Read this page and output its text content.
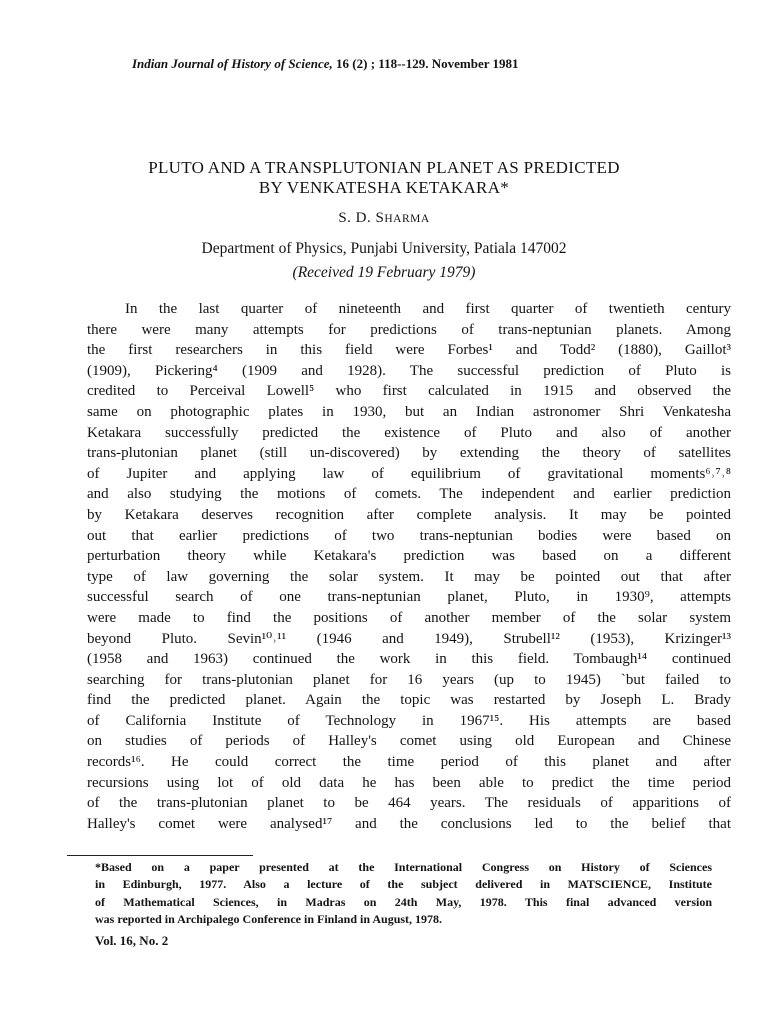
Indian Journal of History of Science, 16 (2) ; 118--129. November 1981
PLUTO AND A TRANSPLUTONIAN PLANET AS PREDICTED
BY VENKATESHA KETAKARA*
S. D. SHARMA
Department of Physics, Punjabi University, Patiala 147002
(Received 19 February 1979)
In the last quarter of nineteenth and first quarter of twentieth century
there were many attempts for predictions of trans-neptunian planets. Among
the first researchers in this field were Forbes¹ and Todd² (1880), Gaillot³
(1909), Pickering⁴ (1909 and 1928). The successful prediction of Pluto is
credited to Perceival Lowell⁵ who first calculated in 1915 and observed the
same on photographic plates in 1930, but an Indian astronomer Shri Venkatesha
Ketakara successfully predicted the existence of Pluto and also of another
trans-plutonian planet (still un-discovered) by extending the theory of satellites
of Jupiter and applying law of equilibrium of gravitational moments⁶˒⁷˒⁸
and also studying the motions of comets. The independent and earlier prediction
by Ketakara deserves recognition after complete analysis. It may be pointed
out that earlier predictions of two trans-neptunian bodies were based on
perturbation theory while Ketakara's prediction was based on a different
type of law governing the solar system. It may be pointed out that after
successful search of one trans-neptunian planet, Pluto, in 1930⁹, attempts
were made to find the positions of another member of the solar system
beyond Pluto. Sevin¹⁰˒¹¹ (1946 and 1949), Strubell¹² (1953), Krizinger¹³
(1958 and 1963) continued the work in this field. Tombaugh¹⁴ continued
searching for trans-plutonian planet for 16 years (up to 1945) `but failed to
find the predicted planet. Again the topic was restarted by Joseph L. Brady
of California Institute of Technology in 1967¹⁵. His attempts are based
on studies of periods of Halley's comet using old European and Chinese
records¹⁶. He could correct the time period of this planet and after
recursions using lot of old data he has been able to predict the time period
of the trans-plutonian planet to be 464 years. The residuals of apparitions of
Halley's comet were analysed¹⁷ and the conclusions led to the belief that
*Based on a paper presented at the International Congress on History of Sciences
in Edinburgh, 1977. Also a lecture of the subject delivered in MATSCIENCE, Institute
of Mathematical Sciences, in Madras on 24th May, 1978. This final advanced version
was reported in Archipalego Conference in Finland in August, 1978.
Vol. 16, No. 2
